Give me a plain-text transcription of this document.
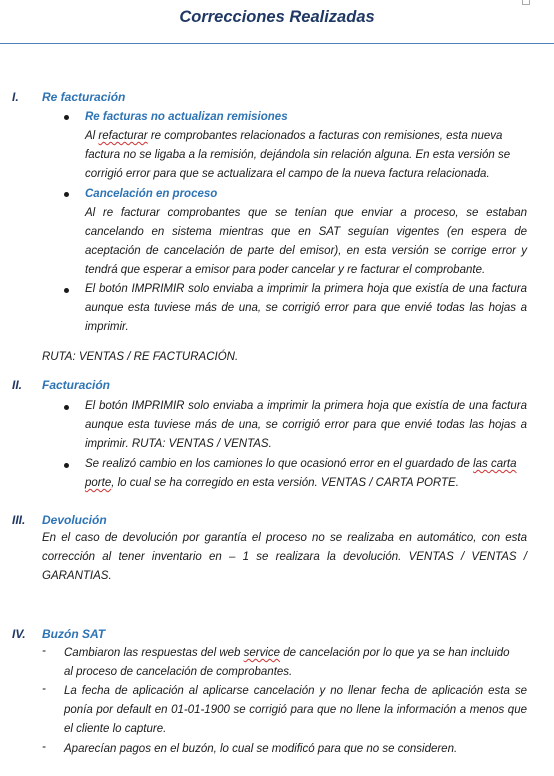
Correcciones Realizadas
I. Re facturación
Re facturas no actualizan remisiones
Al refacturar re comprobantes relacionados a facturas con remisiones, esta nueva
factura no se ligaba a la remisión, dejándola sin relación alguna. En esta versión se
corrigió error para que se actualizara el campo de la nueva factura relacionada.
Cancelación en proceso
Al re facturar comprobantes que se tenían que enviar a proceso, se estaban
cancelando en sistema mientras que en SAT seguían vigentes (en espera de
aceptación de cancelación de parte del emisor), en esta versión se corrige error y
tendrá que esperar a emisor para poder cancelar y re facturar el comprobante.
El botón IMPRIMIR solo enviaba a imprimir la primera hoja que existía de una factura
aunque esta tuviese más de una, se corrigió error para que envié todas las hojas a
imprimir.
RUTA: VENTAS / RE FACTURACIÓN.
II. Facturación
El botón IMPRIMIR solo enviaba a imprimir la primera hoja que existía de una factura
aunque esta tuviese más de una, se corrigió error para que envié todas las hojas a
imprimir. RUTA: VENTAS / VENTAS.
Se realizó cambio en los camiones lo que ocasionó error en el guardado de las carta
porte, lo cual se ha corregido en esta versión. VENTAS / CARTA PORTE.
III. Devolución
En el caso de devolución por garantía el proceso no se realizaba en automático, con esta
corrección al tener inventario en – 1 se realizara la devolución. VENTAS / VENTAS /
GARANTIAS.
IV. Buzón SAT
- Cambiaron las respuestas del web service de cancelación por lo que ya se han incluido
al proceso de cancelación de comprobantes.
- La fecha de aplicación al aplicarse cancelación y no llenar fecha de aplicación esta se
ponía por default en 01-01-1900 se corrigió para que no llene la información a menos que
el cliente lo capture.
- Aparecían pagos en el buzón, lo cual se modificó para que no se consideren.
